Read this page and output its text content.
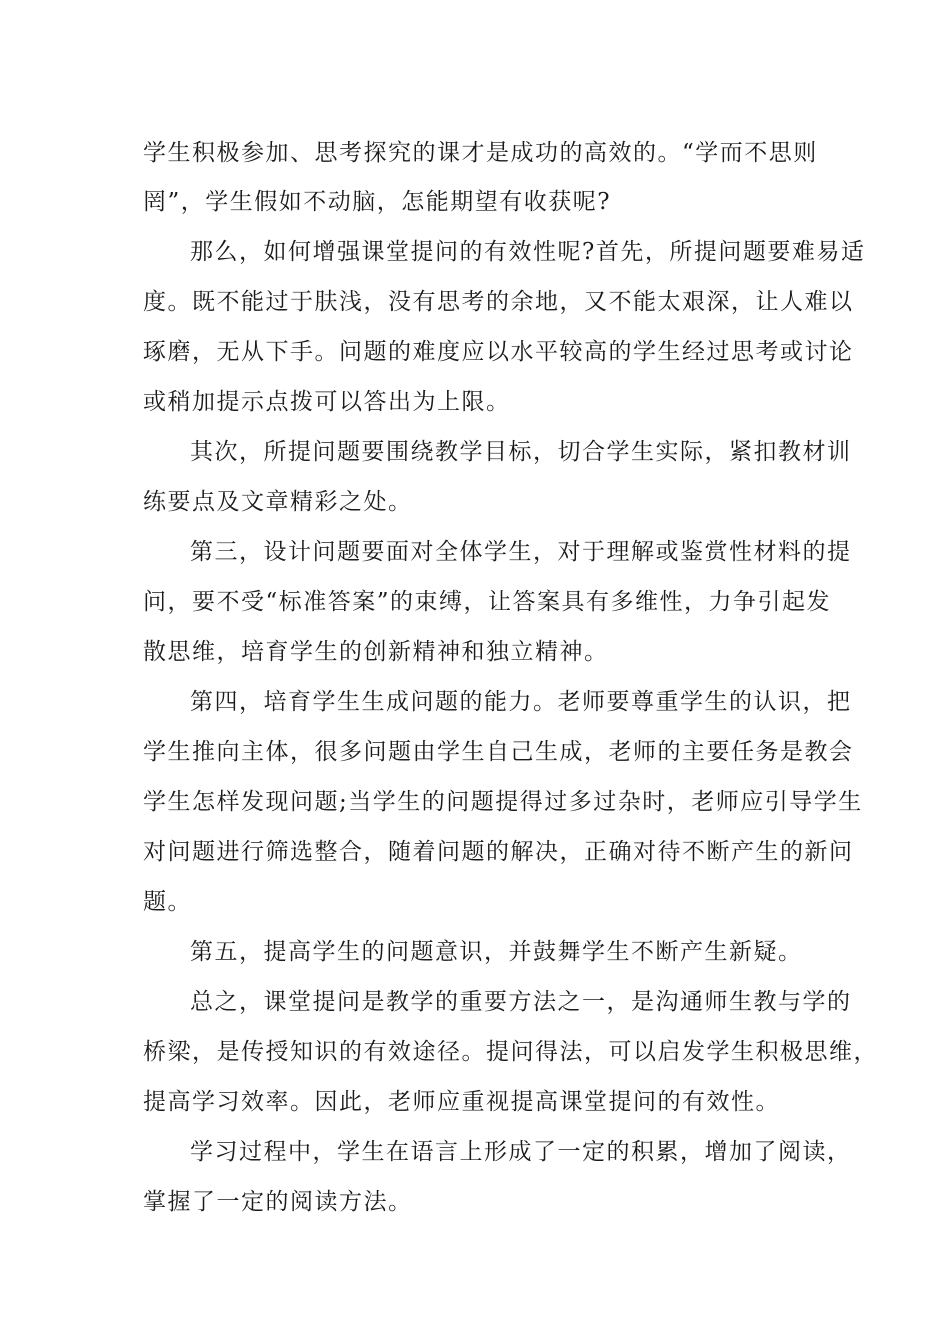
学生积极参加、思考探究的课才是成功的高效的。“学而不思则
罔”，学生假如不动脑，怎能期望有收获呢?
那么，如何增强课堂提问的有效性呢?首先，所提问题要难易适
度。既不能过于肤浅，没有思考的余地，又不能太艰深，让人难以
琢磨，无从下手。问题的难度应以水平较高的学生经过思考或讨论
或稍加提示点拨可以答出为上限。
其次，所提问题要围绕教学目标，切合学生实际，紧扣教材训
练要点及文章精彩之处。
第三，设计问题要面对全体学生，对于理解或鉴赏性材料的提
问，要不受“标准答案”的束缚，让答案具有多维性，力争引起发
散思维，培育学生的创新精神和独立精神。
第四，培育学生生成问题的能力。老师要尊重学生的认识，把
学生推向主体，很多问题由学生自己生成，老师的主要任务是教会
学生怎样发现问题;当学生的问题提得过多过杂时，老师应引导学生
对问题进行筛选整合，随着问题的解决，正确对待不断产生的新问
题。
第五，提高学生的问题意识，并鼓舞学生不断产生新疑。
总之，课堂提问是教学的重要方法之一，是沟通师生教与学的
桥梁，是传授知识的有效途径。提问得法，可以启发学生积极思维，
提高学习效率。因此，老师应重视提高课堂提问的有效性。
学习过程中，学生在语言上形成了一定的积累，增加了阅读，
掌握了一定的阅读方法。
